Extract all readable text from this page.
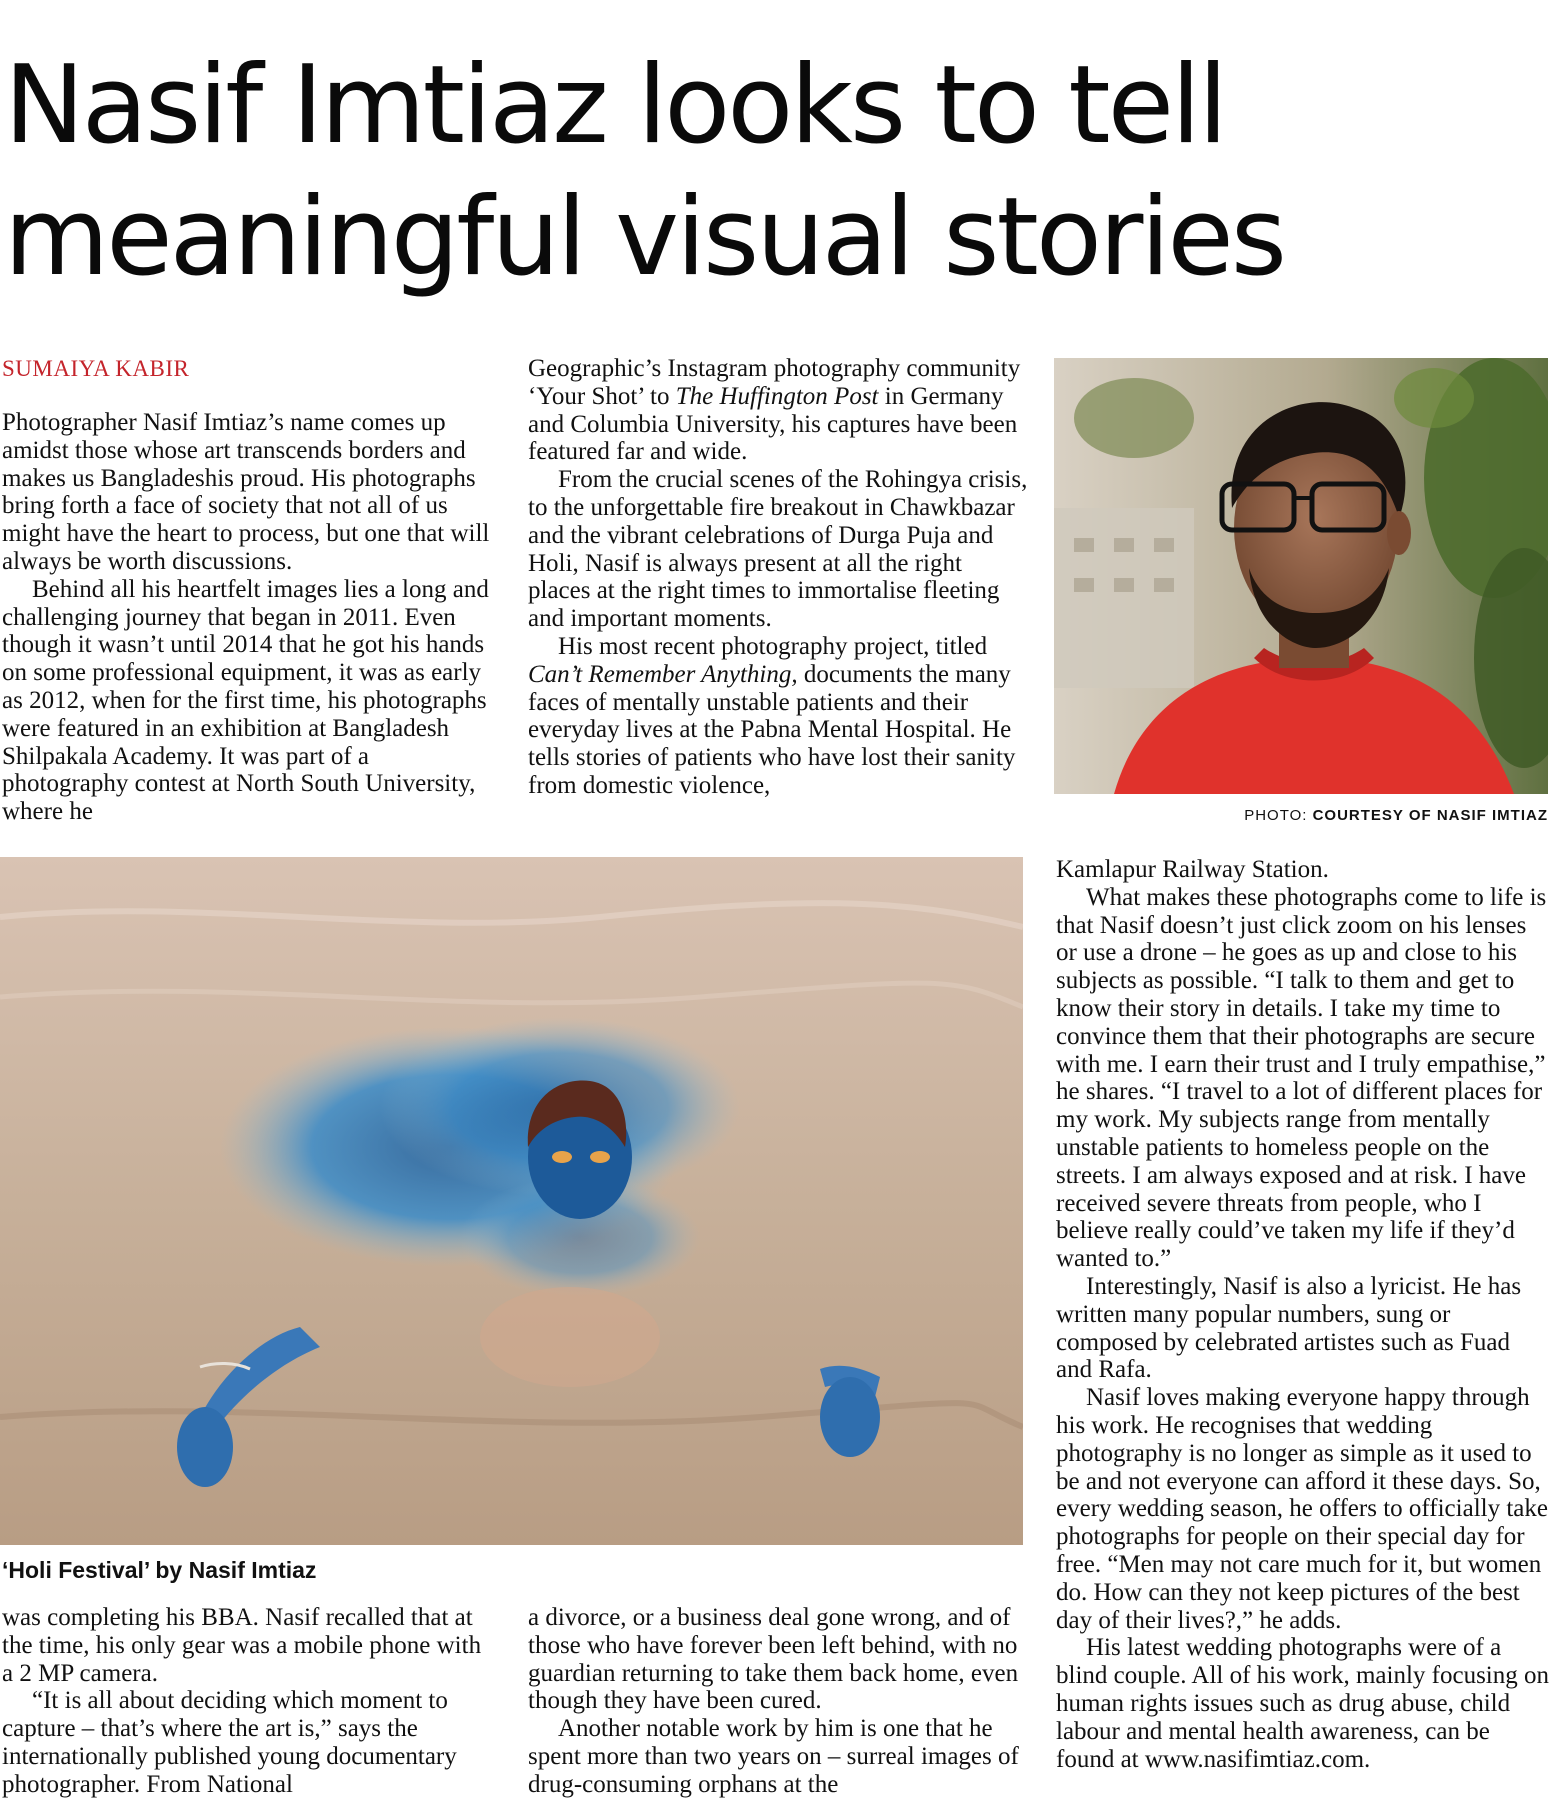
Nasif Imtiaz looks to tell meaningful visual stories
SUMAIYA KABIR

Photographer Nasif Imtiaz’s name comes up amidst those whose art transcends borders and makes us Bangladeshis proud. His photographs bring forth a face of society that not all of us might have the heart to process, but one that will always be worth discussions.

Behind all his heartfelt images lies a long and challenging journey that began in 2011. Even though it wasn’t until 2014 that he got his hands on some professional equipment, it was as early as 2012, when for the first time, his photographs were featured in an exhibition at Bangladesh Shilpakala Academy. It was part of a photography contest at North South University, where he

Geographic’s Instagram photography community ‘Your Shot’ to The Huffington Post in Germany and Columbia University, his captures have been featured far and wide.

From the crucial scenes of the Rohingya crisis, to the unforgettable fire breakout in Chawkbazar and the vibrant celebrations of Durga Puja and Holi, Nasif is always present at all the right places at the right times to immortalise fleeting and important moments.

His most recent photography project, titled Can’t Remember Anything, documents the many faces of mentally unstable patients and their everyday lives at the Pabna Mental Hospital. He tells stories of patients who have lost their sanity from domestic violence,

PHOTO: COURTESY OF NASIF IMTIAZ
‘Holi Festival’ by Nasif Imtiaz

Kamlapur Railway Station.

What makes these photographs come to life is that Nasif doesn’t just click zoom on his lenses or use a drone – he goes as up and close to his subjects as possible. “I talk to them and get to know their story in details. I take my time to convince them that their photographs are secure with me. I earn their trust and I truly empathise,” he shares. “I travel to a lot of different places for my work. My subjects range from mentally unstable patients to homeless people on the streets. I am always exposed and at risk. I have received severe threats from people, who I believe really could’ve taken my life if they’d wanted to.”

Interestingly, Nasif is also a lyricist. He has written many popular numbers, sung or composed by celebrated artistes such as Fuad and Rafa.

Nasif loves making everyone happy through his work. He recognises that wedding photography is no longer as simple as it used to be and not everyone can afford it these days. So, every wedding season, he offers to officially take photographs for people on their special day for free. “Men may not care much for it, but women do. How can they not keep pictures of the best day of their lives?,” he adds.

His latest wedding photographs were of a blind couple. All of his work, mainly focusing on human rights issues such as drug abuse, child labour and mental health awareness, can be found at www.nasifimtiaz.com.

was completing his BBA. Nasif recalled that at the time, his only gear was a mobile phone with a 2 MP camera.

“It is all about deciding which moment to capture – that’s where the art is,” says the internationally published young documentary photographer. From National

a divorce, or a business deal gone wrong, and of those who have forever been left behind, with no guardian returning to take them back home, even though they have been cured.

Another notable work by him is one that he spent more than two years on – surreal images of drug-consuming orphans at the
